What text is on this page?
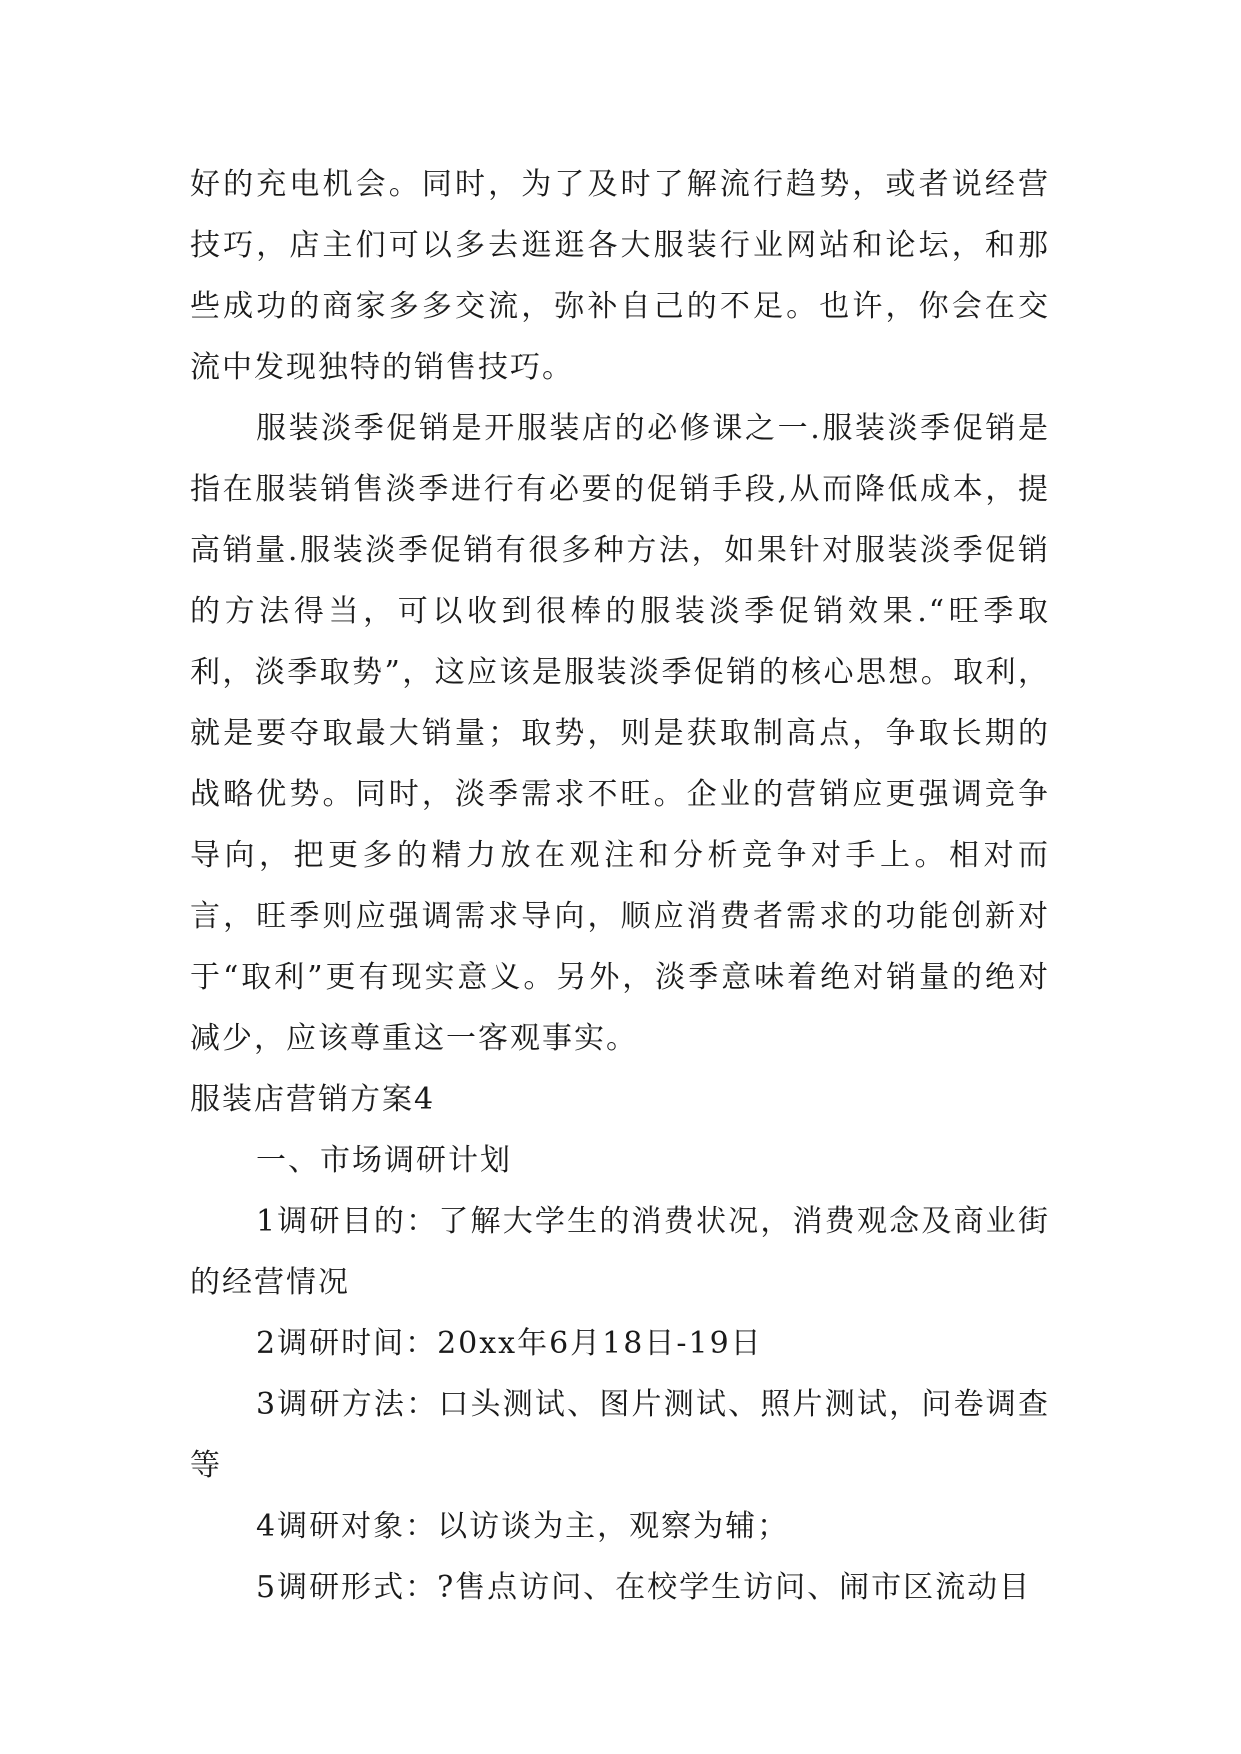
好的充电机会。同时，为了及时了解流行趋势，或者说经营技巧，店主们可以多去逛逛各大服装行业网站和论坛，和那些成功的商家多多交流，弥补自己的不足。也许，你会在交流中发现独特的销售技巧。

服装淡季促销是开服装店的必修课之一.服装淡季促销是指在服装销售淡季进行有必要的促销手段,从而降低成本，提高销量.服装淡季促销有很多种方法，如果针对服装淡季促销的方法得当，可以收到很棒的服装淡季促销效果.“旺季取利，淡季取势”，这应该是服装淡季促销的核心思想。取利，就是要夺取最大销量；取势，则是获取制高点，争取长期的战略优势。同时，淡季需求不旺。企业的营销应更强调竞争导向，把更多的精力放在观注和分析竞争对手上。相对而言，旺季则应强调需求导向，顺应消费者需求的功能创新对于“取利”更有现实意义。另外，淡季意味着绝对销量的绝对减少，应该尊重这一客观事实。

服装店营销方案4

一、市场调研计划

1调研目的：了解大学生的消费状况，消费观念及商业街的经营情况

2调研时间：20xx年6月18日-19日

3调研方法：口头测试、图片测试、照片测试，问卷调查等

4调研对象：以访谈为主，观察为辅；

5调研形式：?售点访问、在校学生访问、闹市区流动目
